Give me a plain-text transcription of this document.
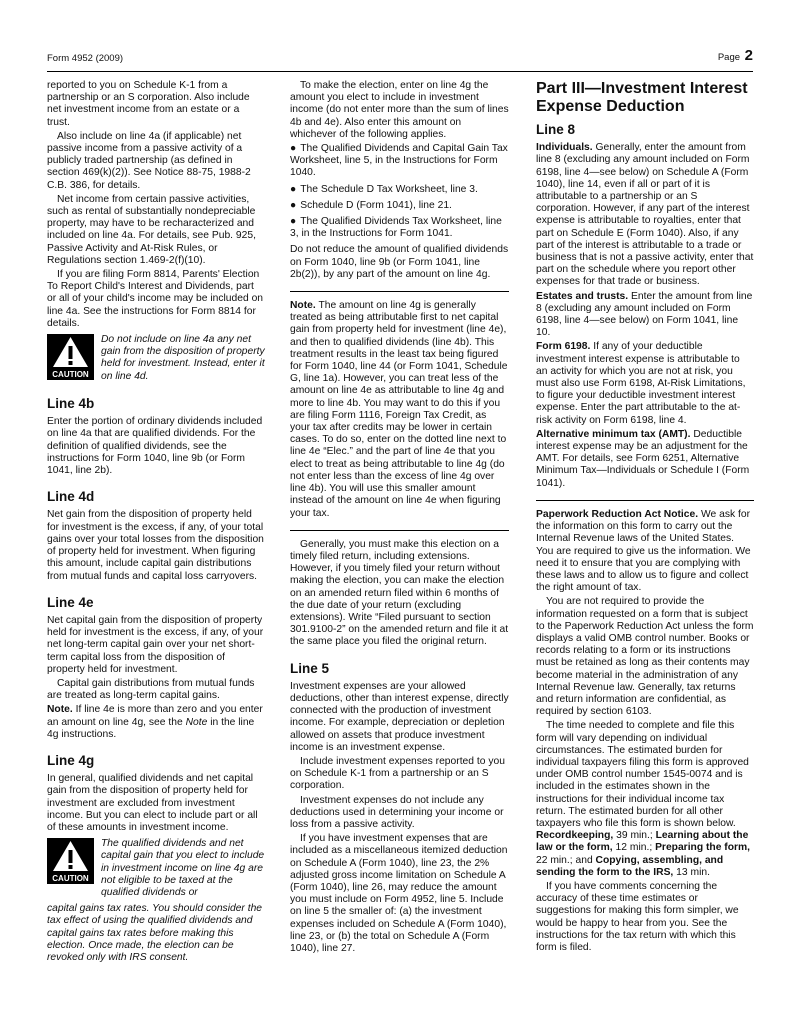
Form 4952 (2009)	Page 2

reported to you on Schedule K-1 from a partnership or an S corporation. Also include net investment income from an estate or a trust.

Also include on line 4a (if applicable) net passive income from a passive activity of a publicly traded partnership (as defined in section 469(k)(2)). See Notice 88-75, 1988-2 C.B. 386, for details.

Net income from certain passive activities, such as rental of substantially nondepreciable property, may have to be recharacterized and included on line 4a. For details, see Pub. 925, Passive Activity and At-Risk Rules, or Regulations section 1.469-2(f)(10).

If you are filing Form 8814, Parents' Election To Report Child's Interest and Dividends, part or all of your child's income may be included on line 4a. See the instructions for Form 8814 for details.

CAUTION
Do not include on line 4a any net gain from the disposition of property held for investment. Instead, enter it on line 4d.
Line 4b

Enter the portion of ordinary dividends included on line 4a that are qualified dividends. For the definition of qualified dividends, see the instructions for Form 1040, line 9b (or Form 1041, line 2b).

Line 4d

Net gain from the disposition of property held for investment is the excess, if any, of your total gains over your total losses from the disposition of property held for investment. When figuring this amount, include capital gain distributions from mutual funds and capital loss carryovers.

Line 4e

Net capital gain from the disposition of property held for investment is the excess, if any, of your net long-term capital gain over your net short-term capital loss from the disposition of property held for investment.

Capital gain distributions from mutual funds are treated as long-term capital gains.

Note. If line 4e is more than zero and you enter an amount on line 4g, see the Note in the line 4g instructions.

Line 4g

In general, qualified dividends and net capital gain from the disposition of property held for investment are excluded from investment income. But you can elect to include part or all of these amounts in investment income.

CAUTION
The qualified dividends and net capital gain that you elect to include in investment income on line 4g are not eligible to be taxed at the qualified dividends or

capital gains tax rates. You should consider the tax effect of using the qualified dividends and capital gains tax rates before making this election. Once made, the election can be revoked only with IRS consent.

To make the election, enter on line 4g the amount you elect to include in investment income (do not enter more than the sum of lines 4b and 4e). Also enter this amount on whichever of the following applies.

● The Qualified Dividends and Capital Gain Tax Worksheet, line 5, in the Instructions for Form 1040.

● The Schedule D Tax Worksheet, line 3.

● Schedule D (Form 1041), line 21.

● The Qualified Dividends Tax Worksheet, line 3, in the Instructions for Form 1041.

Do not reduce the amount of qualified dividends on Form 1040, line 9b (or Form 1041, line 2b(2)), by any part of the amount on line 4g.

Note. The amount on line 4g is generally treated as being attributable first to net capital gain from property held for investment (line 4e), and then to qualified dividends (line 4b). This treatment results in the least tax being figured for Form 1040, line 44 (or Form 1041, Schedule G, line 1a). However, you can treat less of the amount on line 4e as attributable to line 4g and more to line 4b. You may want to do this if you are filing Form 1116, Foreign Tax Credit, as your tax after credits may be lower in certain cases. To do so, enter on the dotted line next to line 4e “Elec.” and the part of line 4e that you elect to treat as being attributable to line 4g (do not enter less than the excess of line 4g over line 4b). You will use this smaller amount instead of the amount on line 4e when figuring your tax.

Generally, you must make this election on a timely filed return, including extensions. However, if you timely filed your return without making the election, you can make the election on an amended return filed within 6 months of the due date of your return (excluding extensions). Write “Filed pursuant to section 301.9100-2” on the amended return and file it at the same place you filed the original return.

Line 5

Investment expenses are your allowed deductions, other than interest expense, directly connected with the production of investment income. For example, depreciation or depletion allowed on assets that produce investment income is an investment expense.

Include investment expenses reported to you on Schedule K-1 from a partnership or an S corporation.

Investment expenses do not include any deductions used in determining your income or loss from a passive activity.

If you have investment expenses that are included as a miscellaneous itemized deduction on Schedule A (Form 1040), line 23, the 2% adjusted gross income limitation on Schedule A (Form 1040), line 26, may reduce the amount you must include on Form 4952, line 5. Include on line 5 the smaller of: (a) the investment expenses included on Schedule A (Form 1040), line 23, or (b) the total on Schedule A (Form 1040), line 27.

Part III—Investment Interest Expense Deduction
Line 8

Individuals. Generally, enter the amount from line 8 (excluding any amount included on Form 6198, line 4—see below) on Schedule A (Form 1040), line 14, even if all or part of it is attributable to a partnership or an S corporation. However, if any part of the interest expense is attributable to royalties, enter that part on Schedule E (Form 1040). Also, if any part of the interest is attributable to a trade or business that is not a passive activity, enter that part on the schedule where you report other expenses for that trade or business.

Estates and trusts. Enter the amount from line 8 (excluding any amount included on Form 6198, line 4—see below) on Form 1041, line 10.

Form 6198. If any of your deductible investment interest expense is attributable to an activity for which you are not at risk, you must also use Form 6198, At-Risk Limitations, to figure your deductible investment interest expense. Enter the part attributable to the at-risk activity on Form 6198, line 4.

Alternative minimum tax (AMT). Deductible interest expense may be an adjustment for the AMT. For details, see Form 6251, Alternative Minimum Tax—Individuals or Schedule I (Form 1041).

Paperwork Reduction Act Notice. We ask for the information on this form to carry out the Internal Revenue laws of the United States. You are required to give us the information. We need it to ensure that you are complying with these laws and to allow us to figure and collect the right amount of tax.

You are not required to provide the information requested on a form that is subject to the Paperwork Reduction Act unless the form displays a valid OMB control number. Books or records relating to a form or its instructions must be retained as long as their contents may become material in the administration of any Internal Revenue law. Generally, tax returns and return information are confidential, as required by section 6103.

The time needed to complete and file this form will vary depending on individual circumstances. The estimated burden for individual taxpayers filing this form is approved under OMB control number 1545-0074 and is included in the estimates shown in the instructions for their individual income tax return. The estimated burden for all other taxpayers who file this form is shown below. Recordkeeping, 39 min.; Learning about the law or the form, 12 min.; Preparing the form, 22 min.; and Copying, assembling, and sending the form to the IRS, 13 min.

If you have comments concerning the accuracy of these time estimates or suggestions for making this form simpler, we would be happy to hear from you. See the instructions for the tax return with which this form is filed.
